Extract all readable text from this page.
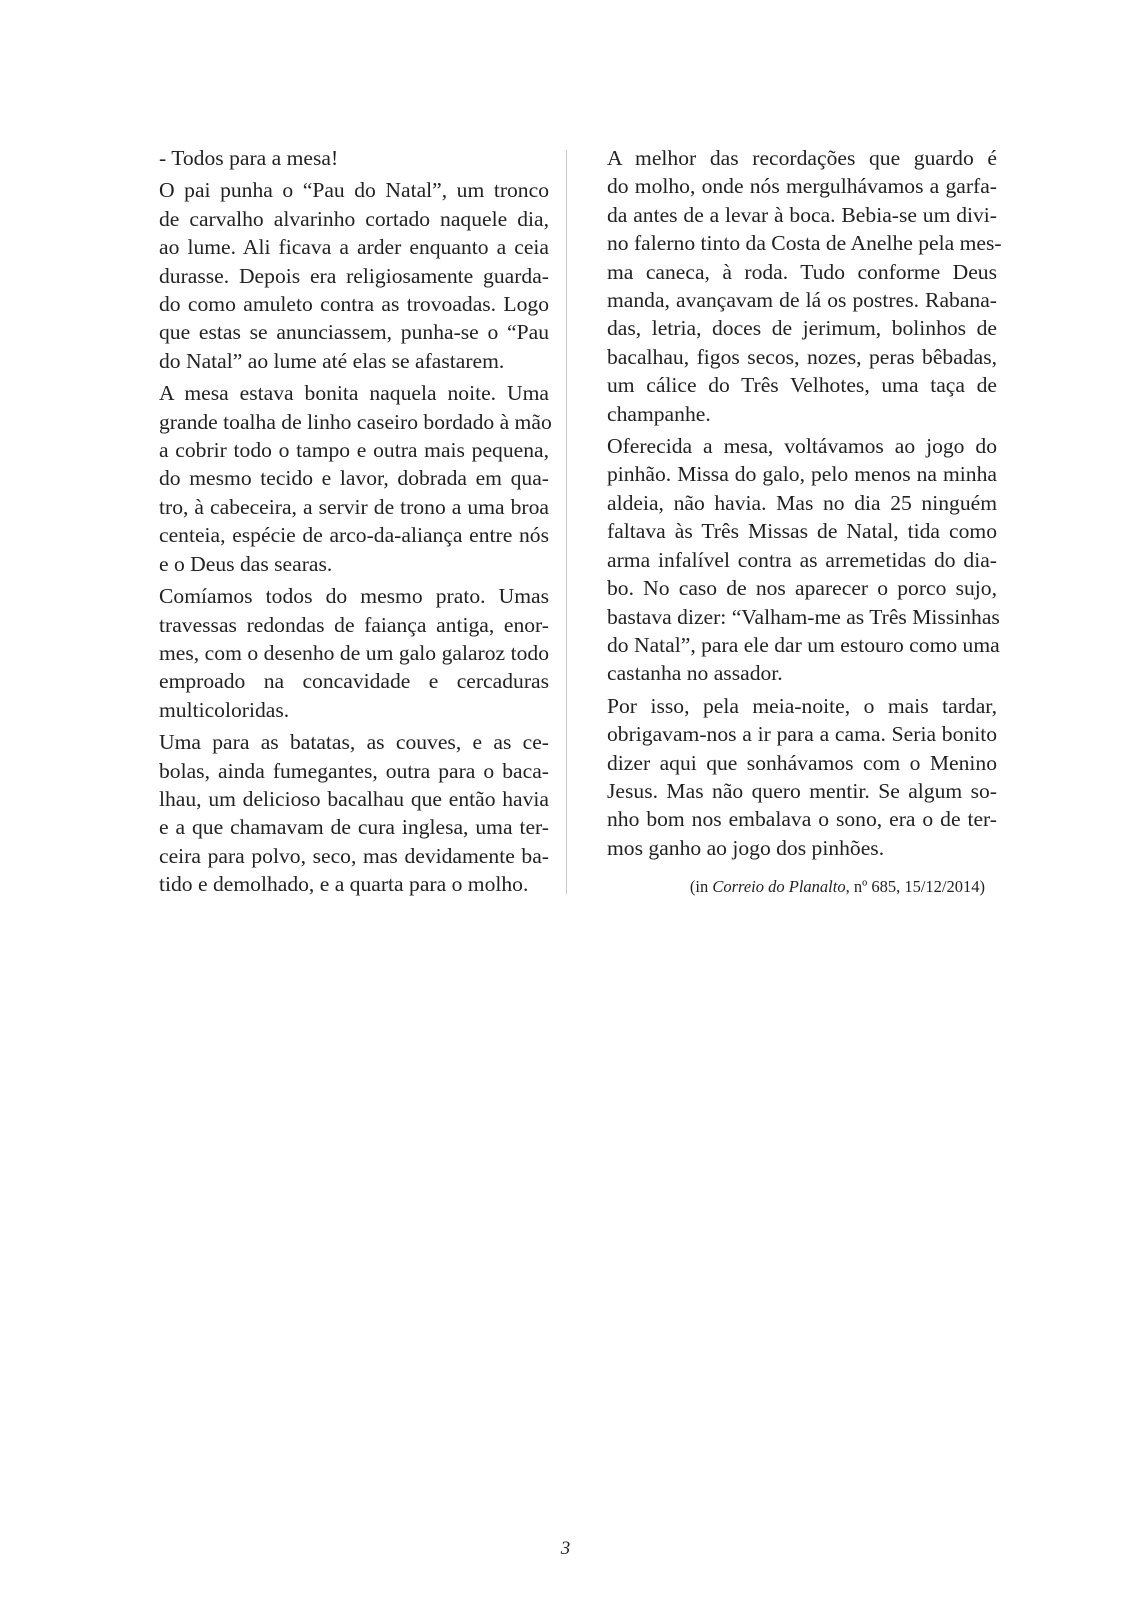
- Todos para a mesa!
O pai punha o “Pau do Natal”, um tronco
de carvalho alvarinho cortado naquele dia,
ao lume. Ali ficava a arder enquanto a ceia
durasse. Depois era religiosamente guarda-
do como amuleto contra as trovoadas. Logo
que estas se anunciassem, punha-se o “Pau
do Natal” ao lume até elas se afastarem.
A mesa estava bonita naquela noite. Uma
grande toalha de linho caseiro bordado à mão
a cobrir todo o tampo e outra mais pequena,
do mesmo tecido e lavor, dobrada em qua-
tro, à cabeceira, a servir de trono a uma broa
centeia, espécie de arco-da-aliança entre nós
e o Deus das searas.
Comíamos todos do mesmo prato. Umas
travessas redondas de faiança antiga, enor-
mes, com o desenho de um galo galaroz todo
emproado na concavidade e cercaduras
multicoloridas.
Uma para as batatas, as couves, e as ce-
bolas, ainda fumegantes, outra para o baca-
lhau, um delicioso bacalhau que então havia
e a que chamavam de cura inglesa, uma ter-
ceira para polvo, seco, mas devidamente ba-
tido e demolhado, e a quarta para o molho.
A melhor das recordações que guardo é
do molho, onde nós mergulhávamos a garfa-
da antes de a levar à boca. Bebia-se um divi-
no falerno tinto da Costa de Anelhe pela mes-
ma caneca, à roda. Tudo conforme Deus
manda, avançavam de lá os postres. Rabana-
das, letria, doces de jerimum, bolinhos de
bacalhau, figos secos, nozes, peras bêbadas,
um cálice do Três Velhotes, uma taça de
champanhe.
Oferecida a mesa, voltávamos ao jogo do
pinhão. Missa do galo, pelo menos na minha
aldeia, não havia. Mas no dia 25 ninguém
faltava às Três Missas de Natal, tida como
arma infalível contra as arremetidas do dia-
bo. No caso de nos aparecer o porco sujo,
bastava dizer: “Valham-me as Três Missinhas
do Natal”, para ele dar um estouro como uma
castanha no assador.
Por isso, pela meia-noite, o mais tardar,
obrigavam-nos a ir para a cama. Seria bonito
dizer aqui que sonhávamos com o Menino
Jesus. Mas não quero mentir. Se algum so-
nho bom nos embalava o sono, era o de ter-
mos ganho ao jogo dos pinhões.
(in Correio do Planalto, nº 685, 15/12/2014)
3
